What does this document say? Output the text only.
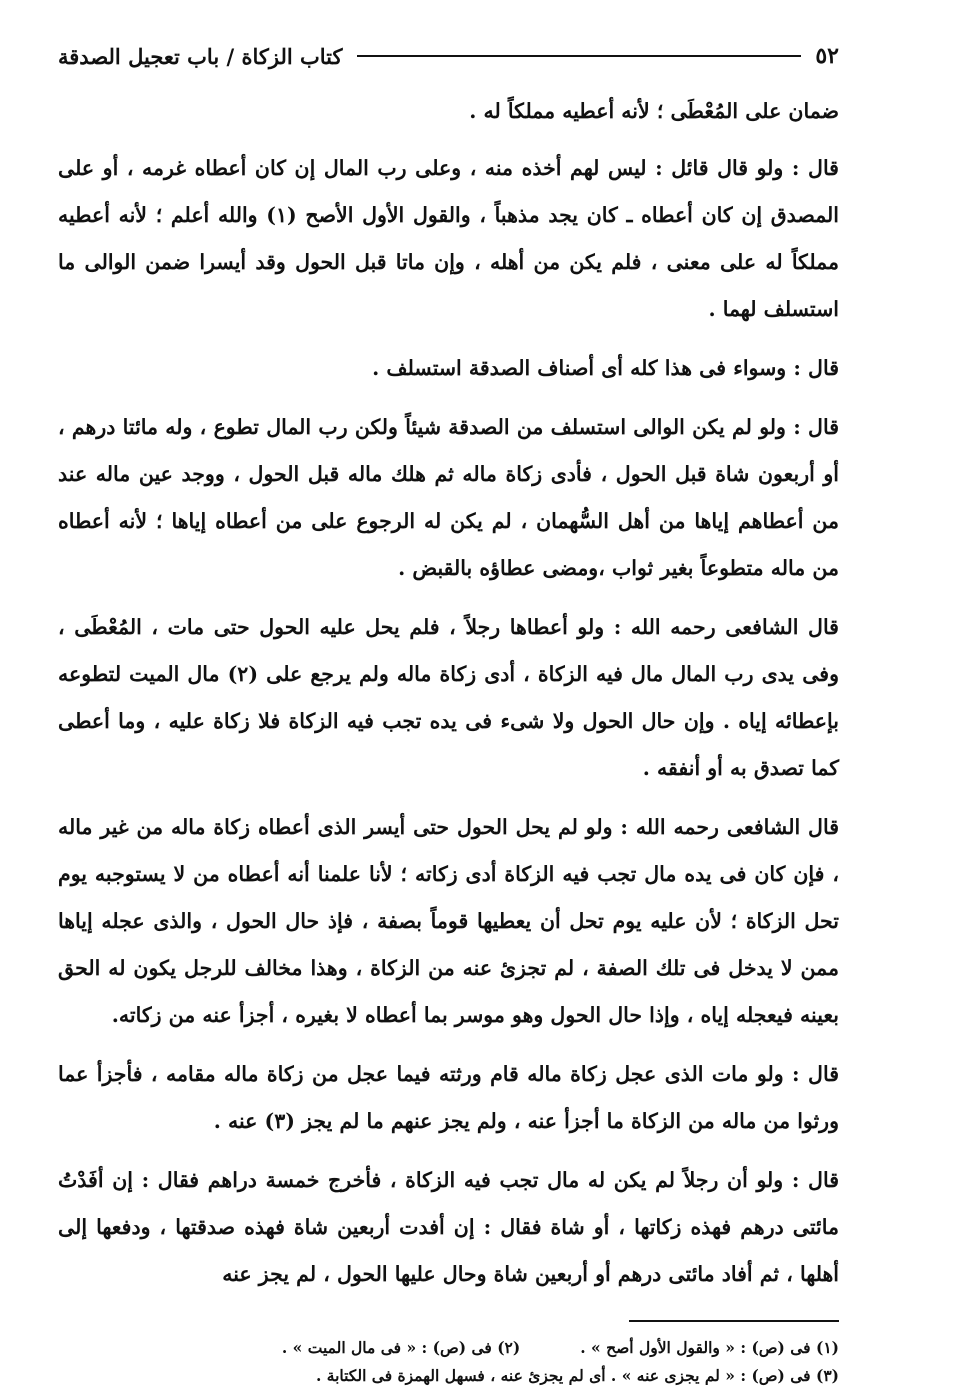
٥٢
كتاب الزكاة / باب تعجيل الصدقة

ضمان على المُعْطَى ؛ لأنه أعطيه مملكاً له .

قال : ولو قال قائل : ليس لهم أخذه منه ، وعلى رب المال إن كان أعطاه غرمه ، أو على المصدق إن كان أعطاه ـ كان يجد مذهباً ، والقول الأول الأصح (١) والله أعلم ؛ لأنه أعطيه مملكاً له على معنى ، فلم يكن من أهله ، وإن ماتا قبل الحول وقد أيسرا ضمن الوالى ما استسلف لهما .

قال : وسواء فى هذا كله أى أصناف الصدقة استسلف .

قال : ولو لم يكن الوالى استسلف من الصدقة شيئاً ولكن رب المال تطوع ، وله مائتا درهم ، أو أربعون شاة قبل الحول ، فأدى زكاة ماله ثم هلك ماله قبل الحول ، ووجد عين ماله عند من أعطاهم إياها من أهل السُّهمان ، لم يكن له الرجوع على من أعطاه إياها ؛ لأنه أعطاه من ماله متطوعاً بغير ثواب ،ومضى عطاؤه بالقبض .

قال الشافعى رحمه الله : ولو أعطاها رجلاً ، فلم يحل عليه الحول حتى مات ، المُعْطَى ، وفى يدى رب المال مال فيه الزكاة ، أدى زكاة ماله ولم يرجع على (٢) مال الميت لتطوعه بإعطائه إياه . وإن حال الحول ولا شىء فى يده تجب فيه الزكاة فلا زكاة عليه ، وما أعطى كما تصدق به أو أنفقه .

قال الشافعى رحمه الله : ولو لم يحل الحول حتى أيسر الذى أعطاه زكاة ماله من غير ماله ، فإن كان فى يده مال تجب فيه الزكاة أدى زكاته ؛ لأنا علمنا أنه أعطاه من لا يستوجبه يوم تحل الزكاة ؛ لأن عليه يوم تحل أن يعطيها قوماً بصفة ، فإذ حال الحول ، والذى عجله إياها ممن لا يدخل فى تلك الصفة ، لم تجزئ عنه من الزكاة ، وهذا مخالف للرجل يكون له الحق بعينه فيعجله إياه ، وإذا حال الحول وهو موسر بما أعطاه لا بغيره ، أجزأ عنه من زكاته.

قال : ولو مات الذى عجل زكاة ماله قام ورثته فيما عجل من زكاة ماله مقامه ، فأجزأ عما ورثوا من ماله من الزكاة ما أجزأ عنه ، ولم يجز عنهم ما لم يجز (٣) عنه .

قال : ولو أن رجلاً لم يكن له مال تجب فيه الزكاة ، فأخرج خمسة دراهم فقال : إن أفَدْتُ مائتى درهم فهذه زكاتها ، أو شاة فقال : إن أفدت أربعين شاة فهذه صدقتها ، ودفعها إلى أهلها ، ثم أفاد مائتى درهم أو أربعين شاة وحال عليها الحول ، لم يجز عنه

(١) فى (ص) : « والقول الأول أصح » .
(٢) فى (ص) : « فى مال الميت » .
(٣) فى (ص) : « لم يجزى عنه » . أى لم يجزئ عنه ، فسهل الهمزة فى الكتابة .
